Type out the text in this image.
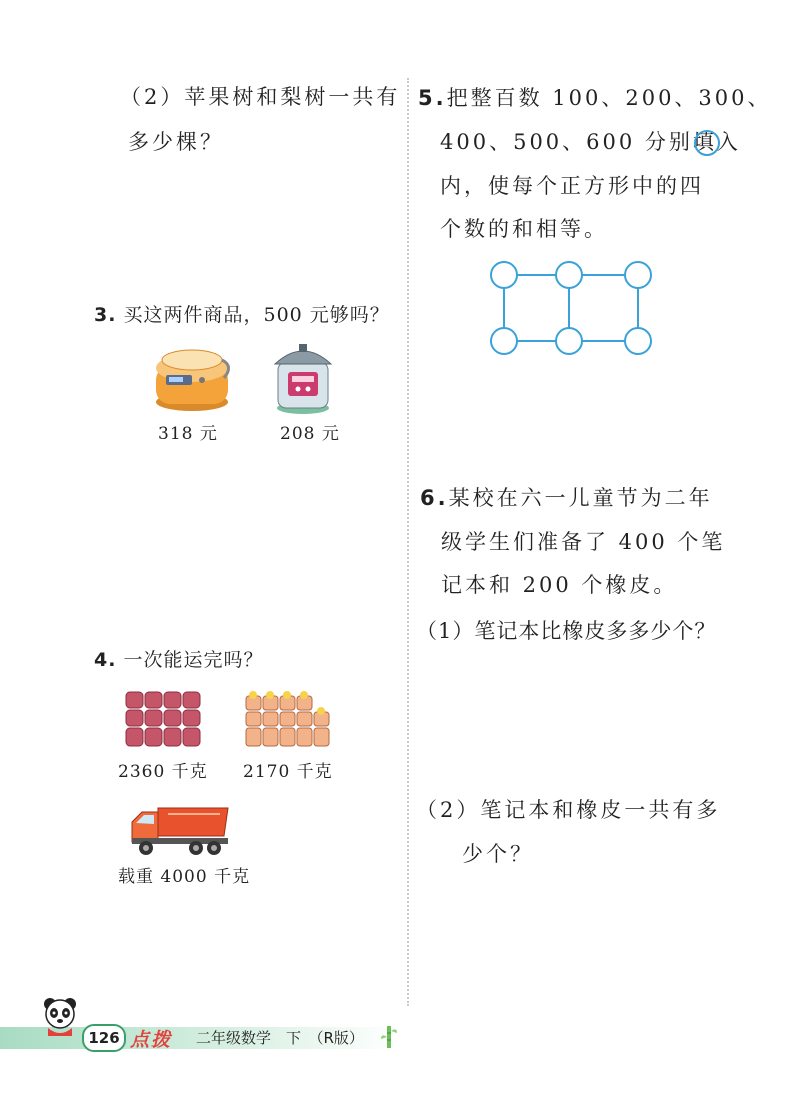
（2）苹果树和梨树一共有
多少棵？
3. 买这两件商品，500 元够吗？
318 元	208 元
4. 一次能运完吗？
2360 千克 2170 千克
载重 4000 千克
5.把整百数 100、200、300、
400、500、600 分别填入
内，使每个正方形中的四
个数的和相等。
6.某校在六一儿童节为二年
级学生们准备了 400 个笔
记本和 200 个橡皮。
（1）笔记本比橡皮多多少个？
（2）笔记本和橡皮一共有多
少个？
126 点拨 二年级数学　下　（R版）
